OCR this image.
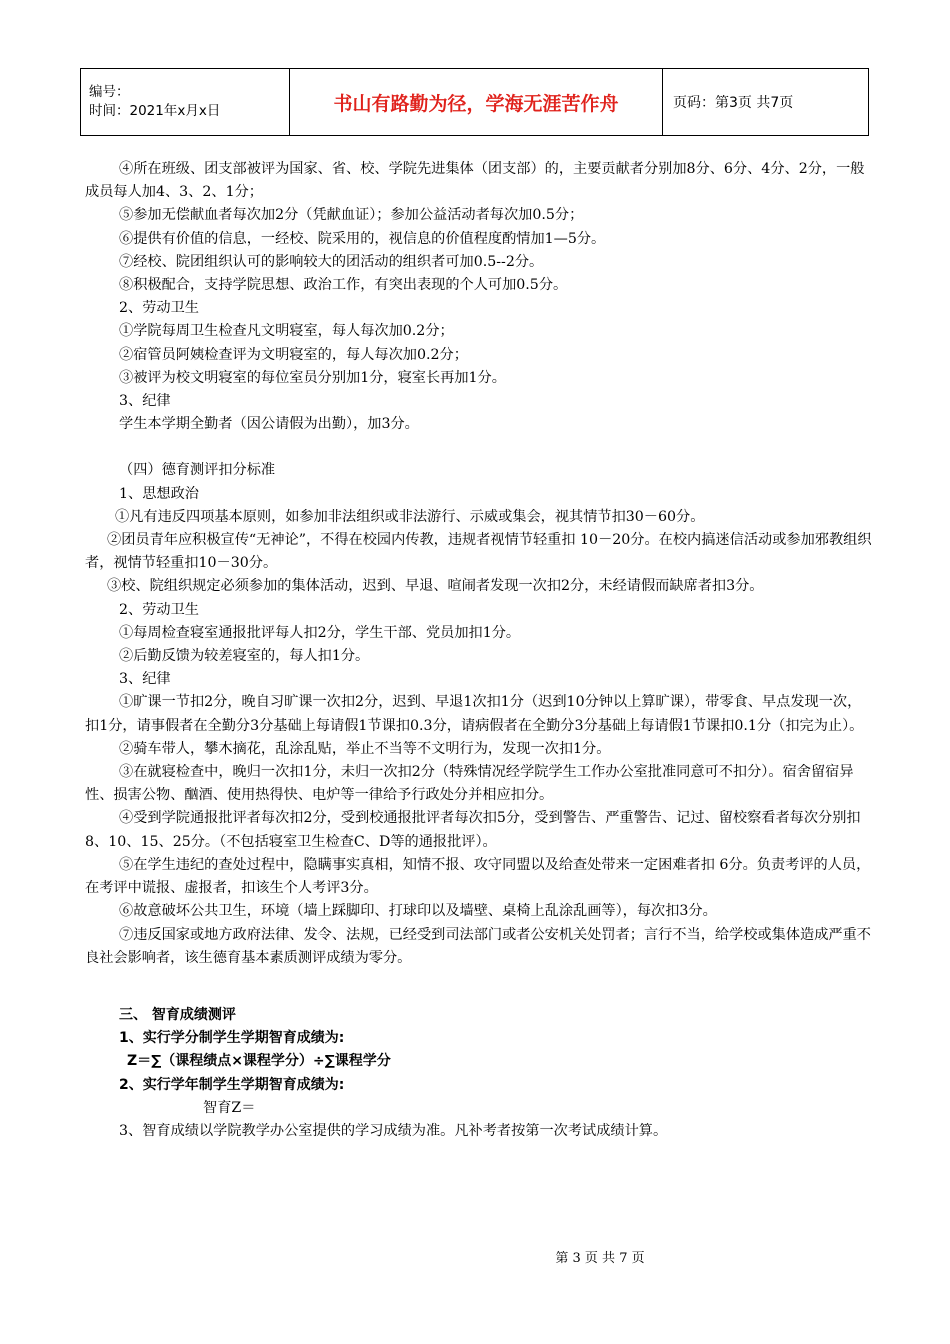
编号：
时间：2021年x月x日	书山有路勤为径，学海无涯苦作舟	页码：第3页 共7页

④所在班级、团支部被评为国家、省、校、学院先进集体（团支部）的，主要贡献者分别加8分、6分、4分、2分，一般成员每人加4、3、2、1分；

⑤参加无偿献血者每次加2分（凭献血证）；参加公益活动者每次加0.5分；

⑥提供有价值的信息，一经校、院采用的，视信息的价值程度酌情加1—5分。

⑦经校、院团组织认可的影响较大的团活动的组织者可加0.5--2分。

⑧积极配合，支持学院思想、政治工作，有突出表现的个人可加0.5分。

2、劳动卫生

①学院每周卫生检查凡文明寝室，每人每次加0.2分；

②宿管员阿姨检查评为文明寝室的，每人每次加0.2分；

③被评为校文明寝室的每位室员分别加1分，寝室长再加1分。

3、纪律

学生本学期全勤者（因公请假为出勤），加3分。

（四）德育测评扣分标准

1、思想政治

①凡有违反四项基本原则，如参加非法组织或非法游行、示威或集会，视其情节扣30－60分。

②团员青年应积极宣传“无神论”，不得在校园内传教，违规者视情节轻重扣 10－20分。在校内搞迷信活动或参加邪教组织者，视情节轻重扣10－30分。

③校、院组织规定必须参加的集体活动，迟到、早退、喧闹者发现一次扣2分，未经请假而缺席者扣3分。

2、劳动卫生

①每周检查寝室通报批评每人扣2分，学生干部、党员加扣1分。

②后勤反馈为较差寝室的，每人扣1分。

3、纪律

①旷课一节扣2分，晚自习旷课一次扣2分，迟到、早退1次扣1分（迟到10分钟以上算旷课），带零食、早点发现一次，扣1分，请事假者在全勤分3分基础上每请假1节课扣0.3分，请病假者在全勤分3分基础上每请假1节课扣0.1分（扣完为止）。

②骑车带人，攀木摘花，乱涂乱贴，举止不当等不文明行为，发现一次扣1分。

③在就寝检查中，晚归一次扣1分，未归一次扣2分（特殊情况经学院学生工作办公室批准同意可不扣分）。宿舍留宿异性、损害公物、酗酒、使用热得快、电炉等一律给予行政处分并相应扣分。

④受到学院通报批评者每次扣2分，受到校通报批评者每次扣5分，受到警告、严重警告、记过、留校察看者每次分别扣8、10、15、25分。（不包括寝室卫生检查C、D等的通报批评）。

⑤在学生违纪的查处过程中，隐瞒事实真相，知情不报、攻守同盟以及给查处带来一定困难者扣 6分。负责考评的人员，在考评中谎报、虚报者，扣该生个人考评3分。

⑥故意破坏公共卫生，环境（墙上踩脚印、打球印以及墙壁、桌椅上乱涂乱画等），每次扣3分。

⑦违反国家或地方政府法律、发令、法规，已经受到司法部门或者公安机关处罚者；言行不当，给学校或集体造成严重不良社会影响者，该生德育基本素质测评成绩为零分。

三、 智育成绩测评

1、实行学分制学生学期智育成绩为:

Z＝∑（课程绩点×课程学分）÷∑课程学分

2、实行学年制学生学期智育成绩为:

智育Z＝

3、智育成绩以学院教学办公室提供的学习成绩为准。凡补考者按第一次考试成绩计算。

第 3 页 共 7 页
